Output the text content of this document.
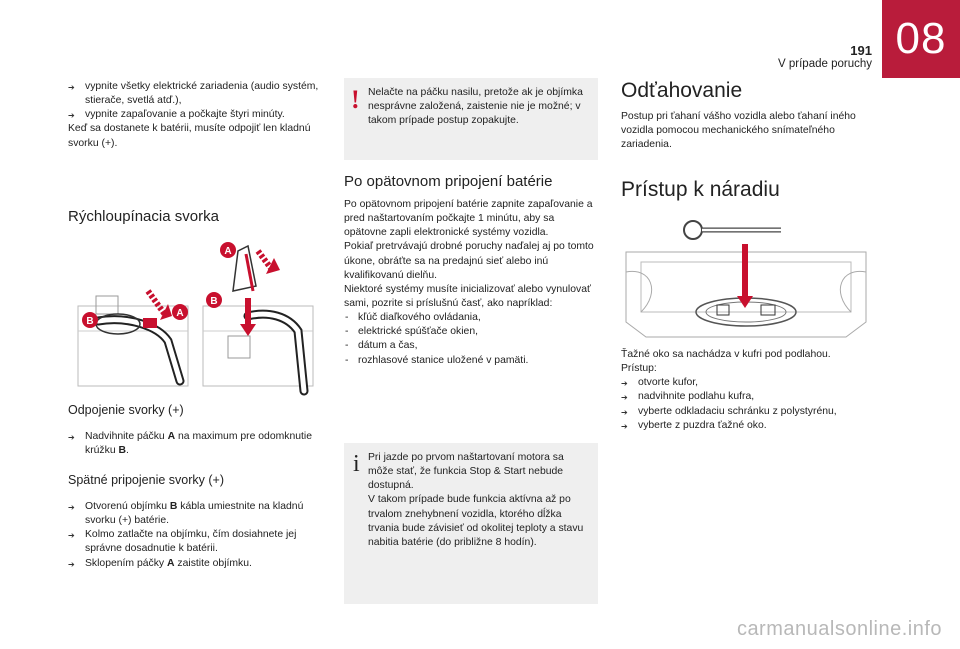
08
191
V prípade poruchy
➔ vypnite všetky elektrické zariadenia (audio systém, stierače, svetlá atď.),
➔ vypnite zapaľovanie a počkajte štyri minúty.
Keď sa dostanete k batérii, musíte odpojiť len kladnú svorku (+).
Rýchloupínacia svorka
B
A
B
A
Odpojenie svorky (+)
➔ Nadvihnite páčku A na maximum pre odomknutie krúžku B.
Spätné pripojenie svorky (+)
➔ Otvorenú objímku B kábla umiestnite na kladnú svorku (+) batérie.
➔ Kolmo zatlačte na objímku, čím dosiahnete jej správne dosadnutie k batérii.
➔ Sklopením páčky A zaistite objímku.
! Nelačte na páčku nasilu, pretože ak je objímka nesprávne založená, zaistenie nie je možné; v takom prípade postup zopakujte.
Po opätovnom pripojení batérie
Po opätovnom pripojení batérie zapnite zapaľovanie a pred naštartovaním počkajte 1 minútu, aby sa opätovne zapli elektronické systémy vozidla.
Pokiaľ pretrvávajú drobné poruchy naďalej aj po tomto úkone, obráťte sa na predajnú sieť alebo inú kvalifikovanú dielňu.
Niektoré systémy musíte inicializovať alebo vynulovať sami, pozrite si príslušnú časť, ako napríklad:
- kľúč diaľkového ovládania,
- elektrické spúšťače okien,
- dátum a čas,
- rozhlasové stanice uložené v pamäti.
i Pri jazde po prvom naštartovaní motora sa môže stať, že funkcia Stop & Start nebude dostupná.
V takom prípade bude funkcia aktívna až po trvalom znehybnení vozidla, ktorého dĺžka trvania bude závisieť od okolitej teploty a stavu nabitia batérie (do približne 8 hodín).
Odťahovanie
Postup pri ťahaní vášho vozidla alebo ťahaní iného vozidla pomocou mechanického snímateľného zariadenia.
Prístup k náradiu
Ťažné oko sa nachádza v kufri pod podlahou.
Prístup:
➔ otvorte kufor,
➔ nadvihnite podlahu kufra,
➔ vyberte odkladaciu schránku z polystyrénu,
➔ vyberte z puzdra ťažné oko.
carmanualsonline.info
